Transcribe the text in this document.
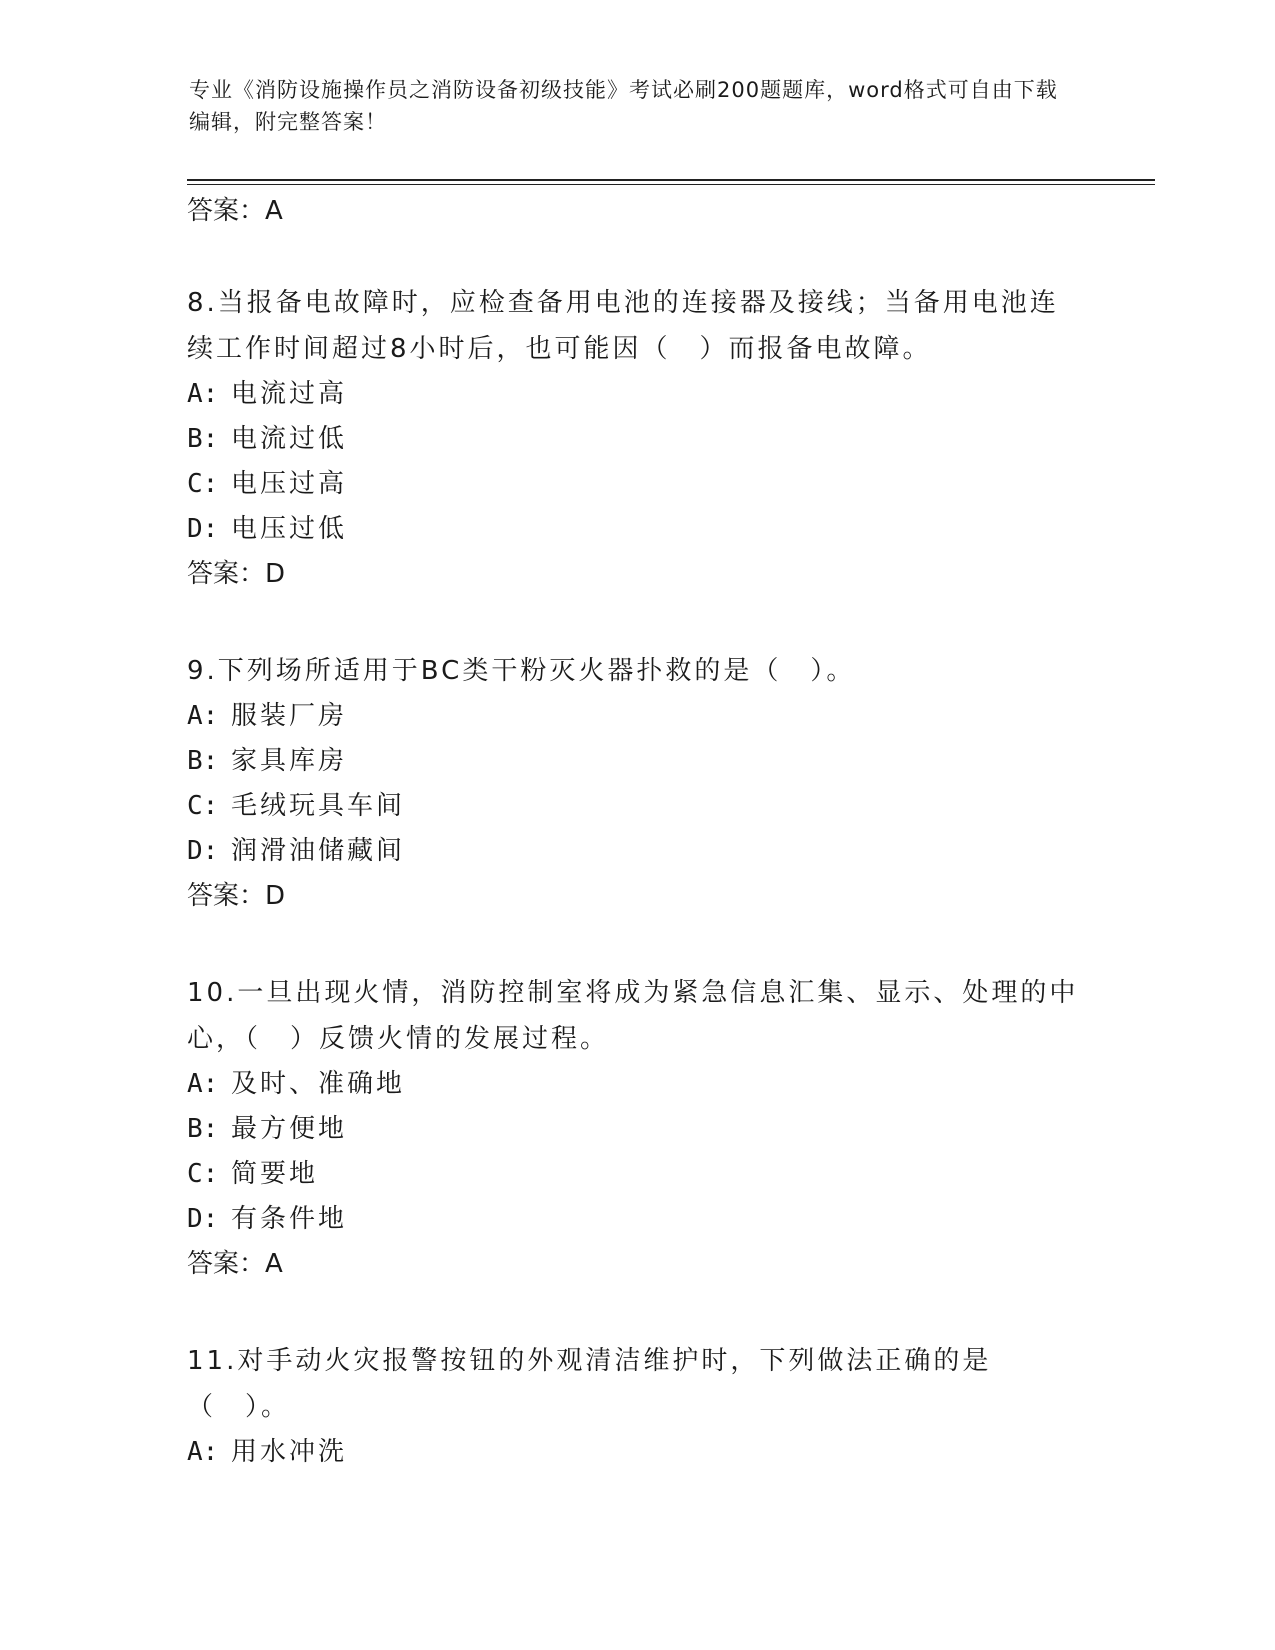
专业《消防设施操作员之消防设备初级技能》考试必刷200题题库，word格式可自由下载编辑，附完整答案！

答案：A

8.当报备电故障时，应检查备用电池的连接器及接线；当备用电池连续工作时间超过8小时后，也可能因（　）而报备电故障。

A: 电流过高
B: 电流过低
C: 电压过高
D: 电压过低

答案：D

9.下列场所适用于BC类干粉灭火器扑救的是（　）。

A: 服装厂房
B: 家具库房
C: 毛绒玩具车间
D: 润滑油储藏间

答案：D

10.一旦出现火情，消防控制室将成为紧急信息汇集、显示、处理的中心，（　）反馈火情的发展过程。

A: 及时、准确地
B: 最方便地
C: 简要地
D: 有条件地

答案：A

11.对手动火灾报警按钮的外观清洁维护时，下列做法正确的是（　）。

A: 用水冲洗
